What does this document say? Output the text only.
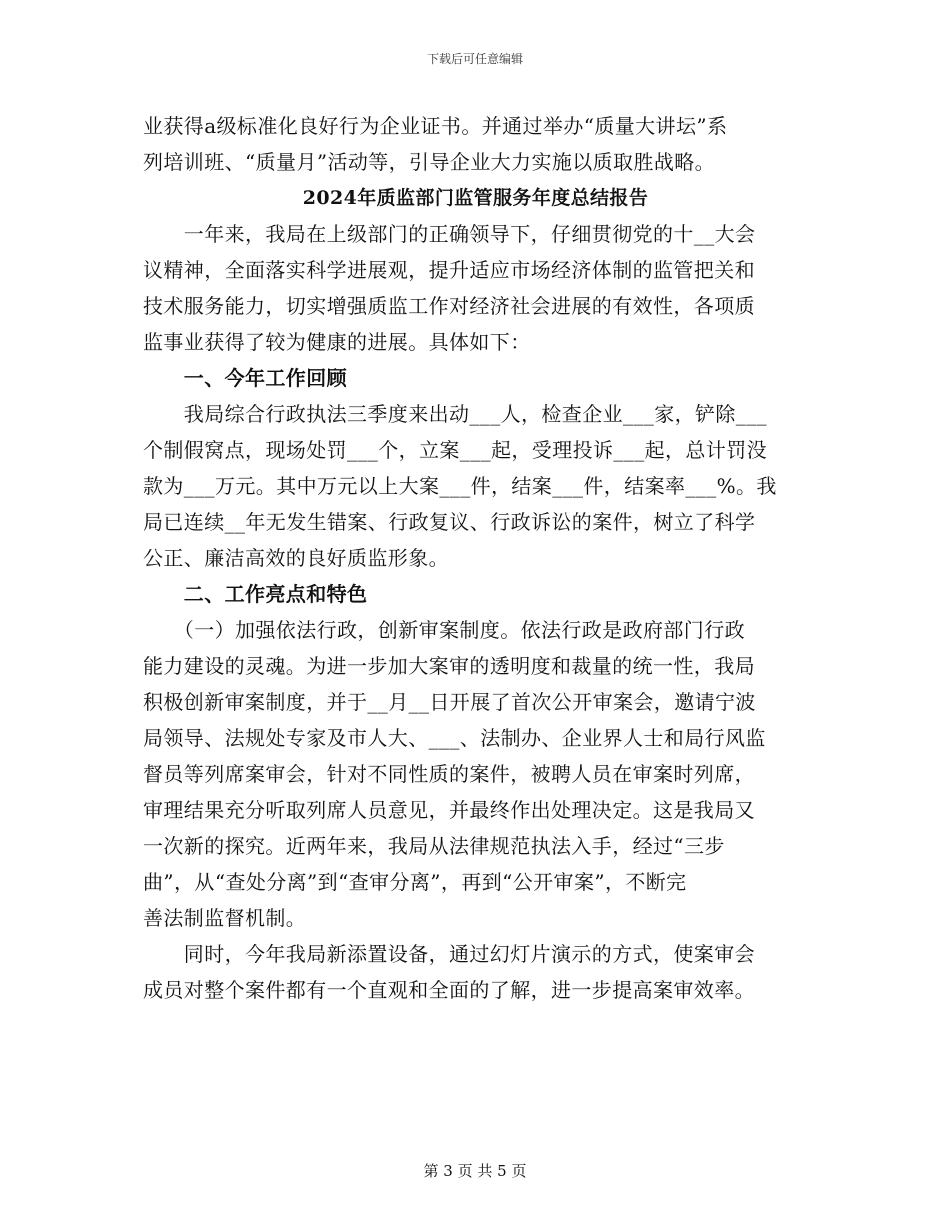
下载后可任意编辑
业获得a级标准化良好行为企业证书。并通过举办“质量大讲坛”系
列培训班、“质量月”活动等，引导企业大力实施以质取胜战略。
2024年质监部门监管服务年度总结报告
　　一年来，我局在上级部门的正确领导下，仔细贯彻党的十__大会
议精神，全面落实科学进展观，提升适应市场经济体制的监管把关和
技术服务能力，切实增强质监工作对经济社会进展的有效性，各项质
监事业获得了较为健康的进展。具体如下：
　　一、今年工作回顾
　　我局综合行政执法三季度来出动___人，检查企业___家，铲除___
个制假窝点，现场处罚___个，立案___起，受理投诉___起，总计罚没
款为___万元。其中万元以上大案___件，结案___件，结案率___%。我
局已连续__年无发生错案、行政复议、行政诉讼的案件，树立了科学
公正、廉洁高效的良好质监形象。
　　二、工作亮点和特色
　　（一）加强依法行政，创新审案制度。依法行政是政府部门行政
能力建设的灵魂。为进一步加大案审的透明度和裁量的统一性，我局
积极创新审案制度，并于__月__日开展了首次公开审案会，邀请宁波
局领导、法规处专家及市人大、___、法制办、企业界人士和局行风监
督员等列席案审会，针对不同性质的案件，被聘人员在审案时列席，
审理结果充分听取列席人员意见，并最终作出处理决定。这是我局又
一次新的探究。近两年来，我局从法律规范执法入手，经过“三步
曲”，从“查处分离”到“查审分离”，再到“公开审案”，不断完
善法制监督机制。
　　同时，今年我局新添置设备，通过幻灯片演示的方式，使案审会
成员对整个案件都有一个直观和全面的了解，进一步提高案审效率。
第 3 页 共 5 页
